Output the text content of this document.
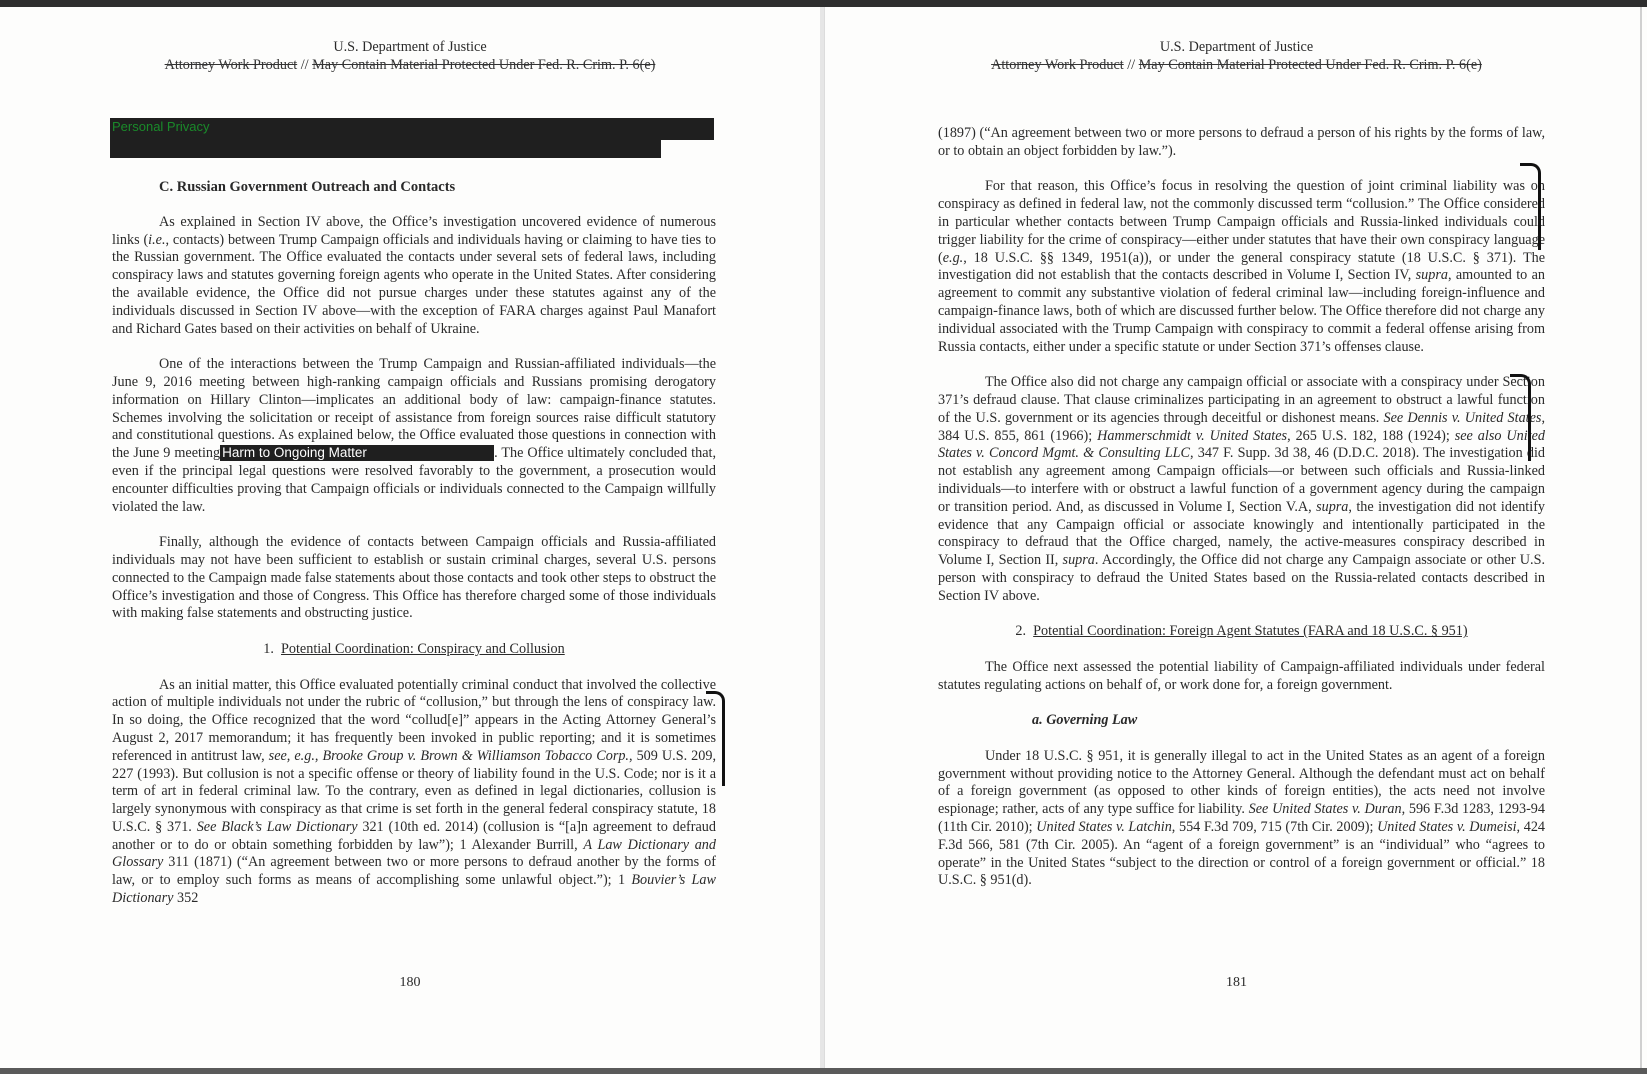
U.S. Department of Justice
Attorney Work Product // May Contain Material Protected Under Fed. R. Crim. P. 6(e)
Personal Privacy

C. Russian Government Outreach and Contacts

As explained in Section IV above, the Office’s investigation uncovered evidence of numerous links (i.e., contacts) between Trump Campaign officials and individuals having or claiming to have ties to the Russian government. The Office evaluated the contacts under several sets of federal laws, including conspiracy laws and statutes governing foreign agents who operate in the United States. After considering the available evidence, the Office did not pursue charges under these statutes against any of the individuals discussed in Section IV above—with the exception of FARA charges against Paul Manafort and Richard Gates based on their activities on behalf of Ukraine.

One of the interactions between the Trump Campaign and Russian-affiliated individuals—the June 9, 2016 meeting between high-ranking campaign officials and Russians promising derogatory information on Hillary Clinton—implicates an additional body of law: campaign-finance statutes. Schemes involving the solicitation or receipt of assistance from foreign sources raise difficult statutory and constitutional questions. As explained below, the Office evaluated those questions in connection with the June 9 meeting Harm to Ongoing Matter	. The Office ultimately concluded that, even if the principal legal questions were resolved favorably to the government, a prosecution would encounter difficulties proving that Campaign officials or individuals connected to the Campaign willfully violated the law.

Finally, although the evidence of contacts between Campaign officials and Russia-affiliated individuals may not have been sufficient to establish or sustain criminal charges, several U.S. persons connected to the Campaign made false statements about those contacts and took other steps to obstruct the Office’s investigation and those of Congress. This Office has therefore charged some of those individuals with making false statements and obstructing justice.

1. Potential Coordination: Conspiracy and Collusion

As an initial matter, this Office evaluated potentially criminal conduct that involved the collective action of multiple individuals not under the rubric of “collusion,” but through the lens of conspiracy law. In so doing, the Office recognized that the word “collud[e]” appears in the Acting Attorney General’s August 2, 2017 memorandum; it has frequently been invoked in public reporting; and it is sometimes referenced in antitrust law, see, e.g., Brooke Group v. Brown & Williamson Tobacco Corp., 509 U.S. 209, 227 (1993). But collusion is not a specific offense or theory of liability found in the U.S. Code; nor is it a term of art in federal criminal law. To the contrary, even as defined in legal dictionaries, collusion is largely synonymous with conspiracy as that crime is set forth in the general federal conspiracy statute, 18 U.S.C. § 371. See Black’s Law Dictionary 321 (10th ed. 2014) (collusion is “[a]n agreement to defraud another or to do or obtain something forbidden by law”); 1 Alexander Burrill, A Law Dictionary and Glossary 311 (1871) (“An agreement between two or more persons to defraud another by the forms of law, or to employ such forms as means of accomplishing some unlawful object.”); 1 Bouvier’s Law Dictionary 352

180
U.S. Department of Justice
Attorney Work Product // May Contain Material Protected Under Fed. R. Crim. P. 6(e)

(1897) (“An agreement between two or more persons to defraud a person of his rights by the forms of law, or to obtain an object forbidden by law.”).

For that reason, this Office’s focus in resolving the question of joint criminal liability was on conspiracy as defined in federal law, not the commonly discussed term “collusion.” The Office considered in particular whether contacts between Trump Campaign officials and Russia-linked individuals could trigger liability for the crime of conspiracy—either under statutes that have their own conspiracy language (e.g., 18 U.S.C. §§ 1349, 1951(a)), or under the general conspiracy statute (18 U.S.C. § 371). The investigation did not establish that the contacts described in Volume I, Section IV, supra, amounted to an agreement to commit any substantive violation of federal criminal law—including foreign-influence and campaign-finance laws, both of which are discussed further below. The Office therefore did not charge any individual associated with the Trump Campaign with conspiracy to commit a federal offense arising from Russia contacts, either under a specific statute or under Section 371’s offenses clause.

The Office also did not charge any campaign official or associate with a conspiracy under Section 371’s defraud clause. That clause criminalizes participating in an agreement to obstruct a lawful function of the U.S. government or its agencies through deceitful or dishonest means. See Dennis v. United States, 384 U.S. 855, 861 (1966); Hammerschmidt v. United States, 265 U.S. 182, 188 (1924); see also United States v. Concord Mgmt. & Consulting LLC, 347 F. Supp. 3d 38, 46 (D.D.C. 2018). The investigation did not establish any agreement among Campaign officials—or between such officials and Russia-linked individuals—to interfere with or obstruct a lawful function of a government agency during the campaign or transition period. And, as discussed in Volume I, Section V.A, supra, the investigation did not identify evidence that any Campaign official or associate knowingly and intentionally participated in the conspiracy to defraud that the Office charged, namely, the active-measures conspiracy described in Volume I, Section II, supra. Accordingly, the Office did not charge any Campaign associate or other U.S. person with conspiracy to defraud the United States based on the Russia-related contacts described in Section IV above.

2. Potential Coordination: Foreign Agent Statutes (FARA and 18 U.S.C. § 951)

The Office next assessed the potential liability of Campaign-affiliated individuals under federal statutes regulating actions on behalf of, or work done for, a foreign government.

a. Governing Law

Under 18 U.S.C. § 951, it is generally illegal to act in the United States as an agent of a foreign government without providing notice to the Attorney General. Although the defendant must act on behalf of a foreign government (as opposed to other kinds of foreign entities), the acts need not involve espionage; rather, acts of any type suffice for liability. See United States v. Duran, 596 F.3d 1283, 1293-94 (11th Cir. 2010); United States v. Latchin, 554 F.3d 709, 715 (7th Cir. 2009); United States v. Dumeisi, 424 F.3d 566, 581 (7th Cir. 2005). An “agent of a foreign government” is an “individual” who “agrees to operate” in the United States “subject to the direction or control of a foreign government or official.” 18 U.S.C. § 951(d).

181
